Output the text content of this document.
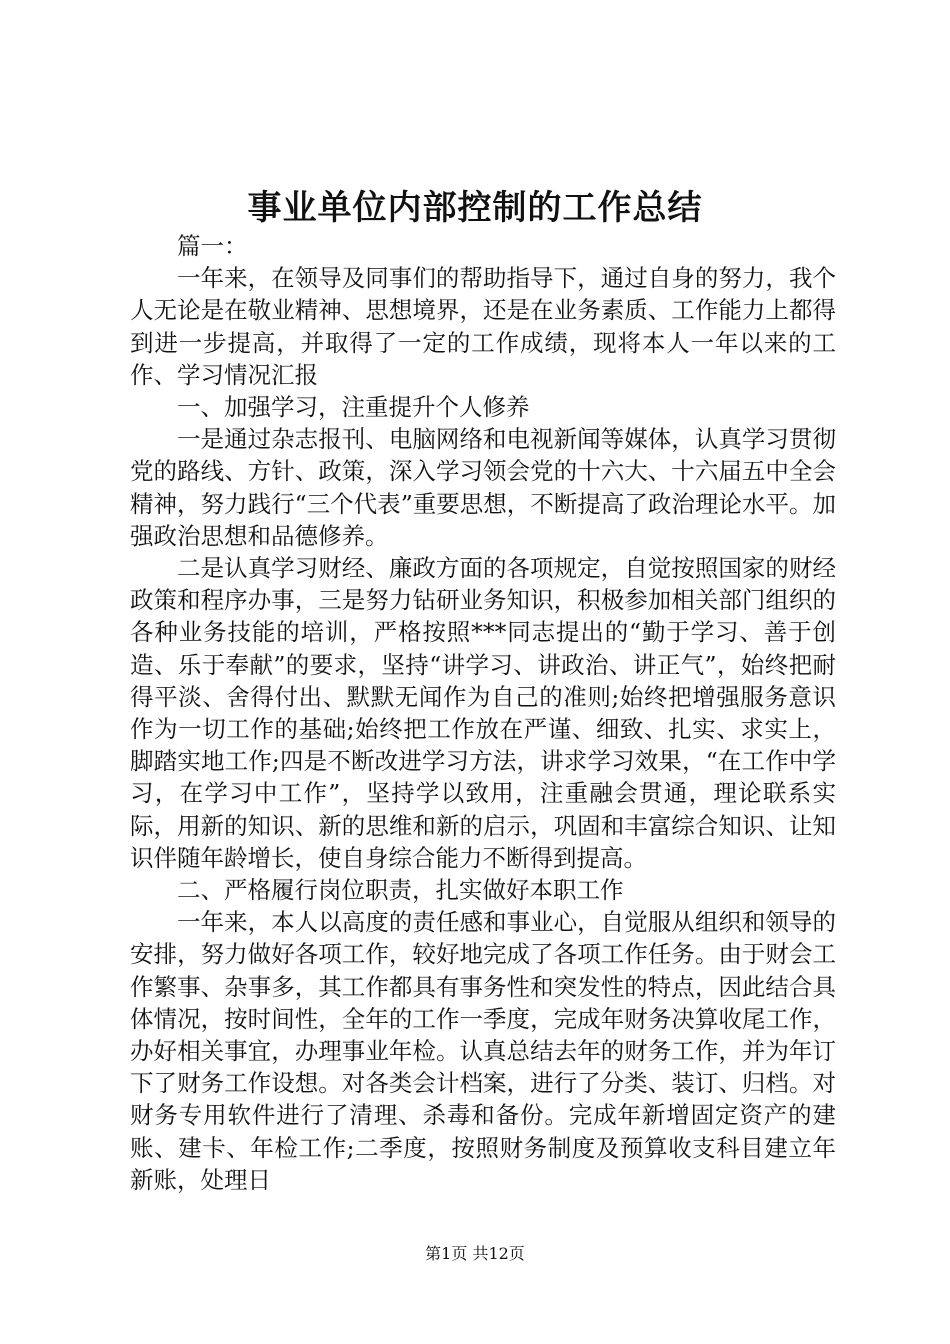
事业单位内部控制的工作总结

篇一：

一年来，在领导及同事们的帮助指导下，通过自身的努力，我个人无论是在敬业精神、思想境界，还是在业务素质、工作能力上都得到进一步提高，并取得了一定的工作成绩，现将本人一年以来的工作、学习情况汇报

一、加强学习，注重提升个人修养

一是通过杂志报刊、电脑网络和电视新闻等媒体，认真学习贯彻党的路线、方针、政策，深入学习领会党的十六大、十六届五中全会精神，努力践行“三个代表”重要思想，不断提高了政治理论水平。加强政治思想和品德修养。

二是认真学习财经、廉政方面的各项规定，自觉按照国家的财经政策和程序办事，三是努力钻研业务知识，积极参加相关部门组织的各种业务技能的培训，严格按照***同志提出的“勤于学习、善于创造、乐于奉献”的要求，坚持“讲学习、讲政治、讲正气”，始终把耐得平淡、舍得付出、默默无闻作为自己的准则;始终把增强服务意识作为一切工作的基础;始终把工作放在严谨、细致、扎实、求实上，脚踏实地工作;四是不断改进学习方法，讲求学习效果，“在工作中学习，在学习中工作”，坚持学以致用，注重融会贯通，理论联系实际，用新的知识、新的思维和新的启示，巩固和丰富综合知识、让知识伴随年龄增长，使自身综合能力不断得到提高。

二、严格履行岗位职责，扎实做好本职工作

一年来，本人以高度的责任感和事业心，自觉服从组织和领导的安排，努力做好各项工作，较好地完成了各项工作任务。由于财会工作繁事、杂事多，其工作都具有事务性和突发性的特点，因此结合具体情况，按时间性，全年的工作一季度，完成年财务决算收尾工作，办好相关事宜，办理事业年检。认真总结去年的财务工作，并为年订下了财务工作设想。对各类会计档案，进行了分类、装订、归档。对财务专用软件进行了清理、杀毒和备份。完成年新增固定资产的建账、建卡、年检工作;二季度，按照财务制度及预算收支科目建立年新账，处理日

第1页 共12页
